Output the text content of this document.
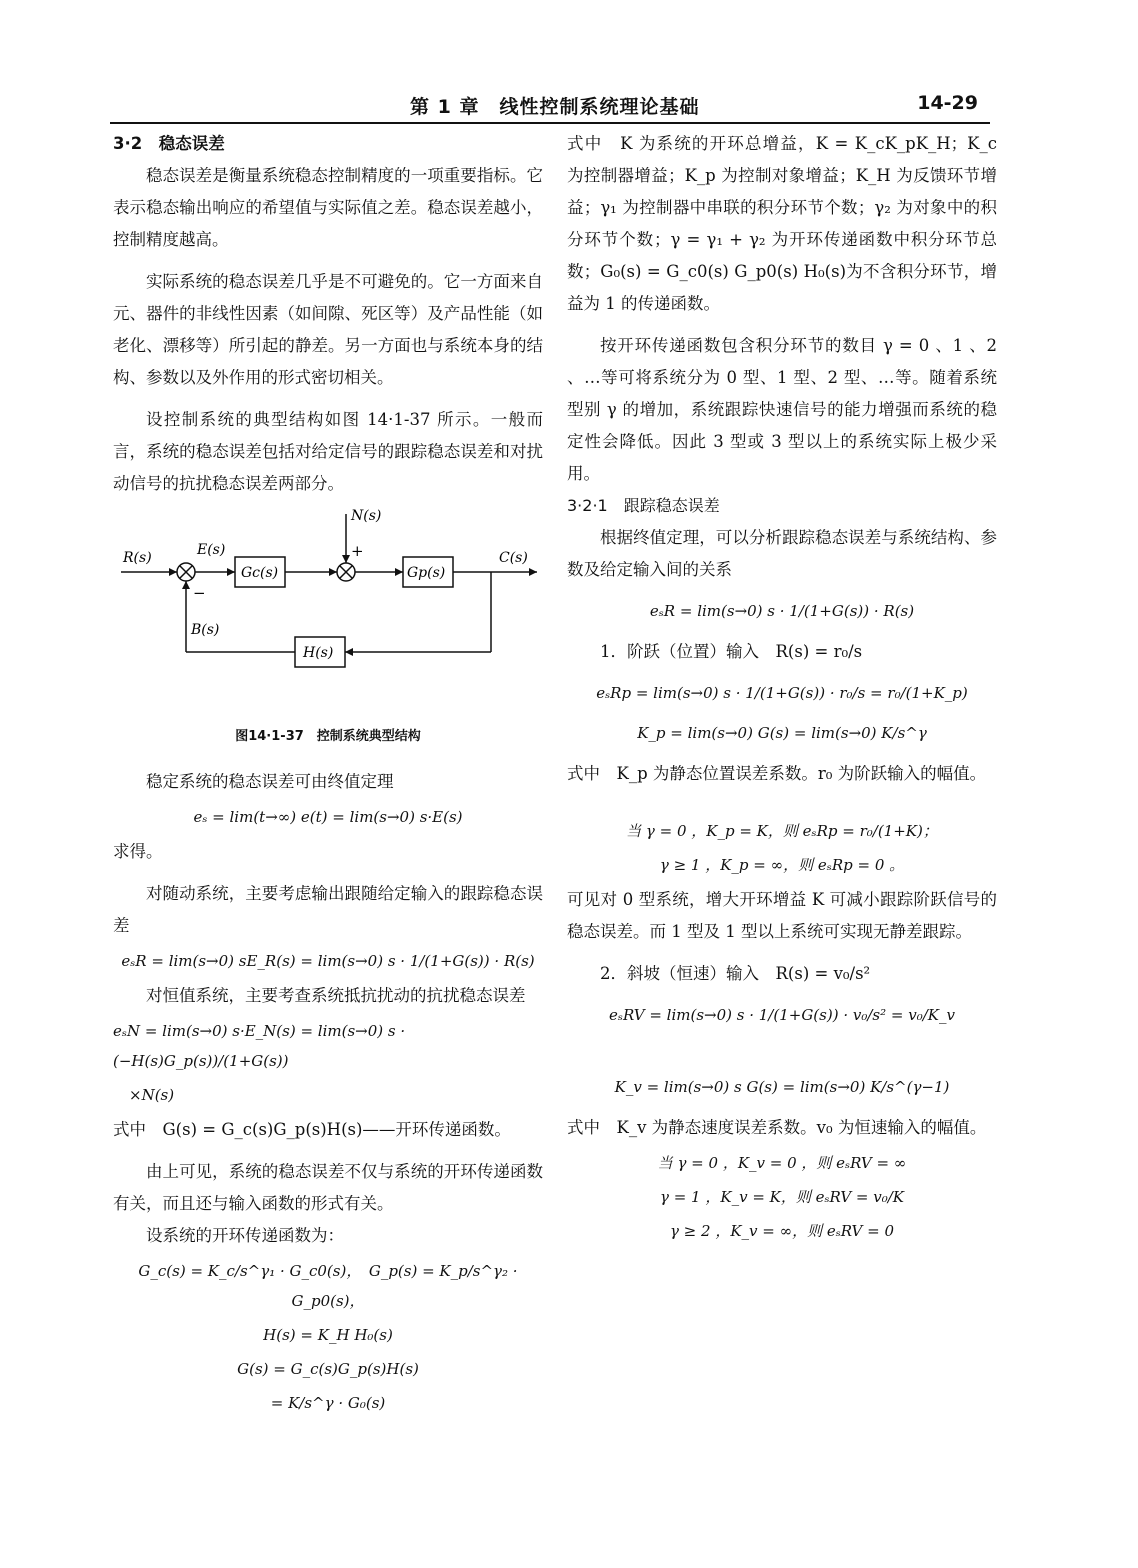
第 1 章　线性控制系统理论基础	14-29
3·2　稳态误差

稳态误差是衡量系统稳态控制精度的一项重要指标。它表示稳态输出响应的希望值与实际值之差。稳态误差越小，控制精度越高。

实际系统的稳态误差几乎是不可避免的。它一方面来自元、器件的非线性因素（如间隙、死区等）及产品性能（如老化、漂移等）所引起的静差。另一方面也与系统本身的结构、参数以及外作用的形式密切相关。

设控制系统的典型结构如图 14·1-37 所示。一般而言，系统的稳态误差包括对给定信号的跟踪稳态误差和对扰动信号的抗扰稳态误差两部分。

R(s)	E(s)
Gc(s)
N(s)
+
Gp(s)
C(s)
−
B(s)
H(s)
图14·1-37　控制系统典型结构

稳定系统的稳态误差可由终值定理

eₛ = lim(t→∞) e(t) = lim(s→0) s·E(s)

求得。

对随动系统，主要考虑输出跟随给定输入的跟踪稳态误差

eₛR = lim(s→0) sE_R(s) = lim(s→0) s · 1/(1+G(s)) · R(s)

对恒值系统，主要考查系统抵抗扰动的抗扰稳态误差

eₛN = lim(s→0) s·E_N(s) = lim(s→0) s · (−H(s)G_p(s))/(1+G(s))
×N(s)

式中　G(s) = G_c(s)G_p(s)H(s)——开环传递函数。

由上可见，系统的稳态误差不仅与系统的开环传递函数有关，而且还与输入函数的形式有关。

设系统的开环传递函数为：

G_c(s) = K_c/s^γ₁ · G_c0(s)，　G_p(s) = K_p/s^γ₂ · G_p0(s)，
H(s) = K_H H₀(s)
G(s) = G_c(s)G_p(s)H(s)
= K/s^γ · G₀(s)

式中　K 为系统的开环总增益，K = K_cK_pK_H；K_c 为控制器增益；K_p 为控制对象增益；K_H 为反馈环节增益；γ₁ 为控制器中串联的积分环节个数；γ₂ 为对象中的积分环节个数；γ = γ₁ + γ₂ 为开环传递函数中积分环节总数；G₀(s) = G_c0(s) G_p0(s) H₀(s)为不含积分环节，增益为 1 的传递函数。

按开环传递函数包含积分环节的数目 γ = 0 、1 、2 、…等可将系统分为 0 型、1 型、2 型、…等。随着系统型别 γ 的增加，系统跟踪快速信号的能力增强而系统的稳定性会降低。因此 3 型或 3 型以上的系统实际上极少采用。

3·2·1　跟踪稳态误差

根据终值定理，可以分析跟踪稳态误差与系统结构、参数及给定输入间的关系

eₛR = lim(s→0) s · 1/(1+G(s)) · R(s)

1．阶跃（位置）输入　R(s) = r₀/s

eₛRp = lim(s→0) s · 1/(1+G(s)) · r₀/s = r₀/(1+K_p)
K_p = lim(s→0) G(s) = lim(s→0) K/s^γ

式中　K_p 为静态位置误差系数。r₀ 为阶跃输入的幅值。

当 γ = 0 ，K_p = K，则 eₛRp = r₀/(1+K)；
γ ≥ 1 ，K_p = ∞，则 eₛRp = 0 。

可见对 0 型系统，增大开环增益 K 可减小跟踪阶跃信号的稳态误差。而 1 型及 1 型以上系统可实现无静差跟踪。

2．斜坡（恒速）输入　R(s) = v₀/s²

eₛRV = lim(s→0) s · 1/(1+G(s)) · v₀/s² = v₀/K_v
K_v = lim(s→0) s G(s) = lim(s→0) K/s^(γ−1)

式中　K_v 为静态速度误差系数。v₀ 为恒速输入的幅值。

当 γ = 0 ，K_v = 0 ，则 eₛRV = ∞
γ = 1 ，K_v = K，则 eₛRV = v₀/K
γ ≥ 2 ，K_v = ∞，则 eₛRV = 0
